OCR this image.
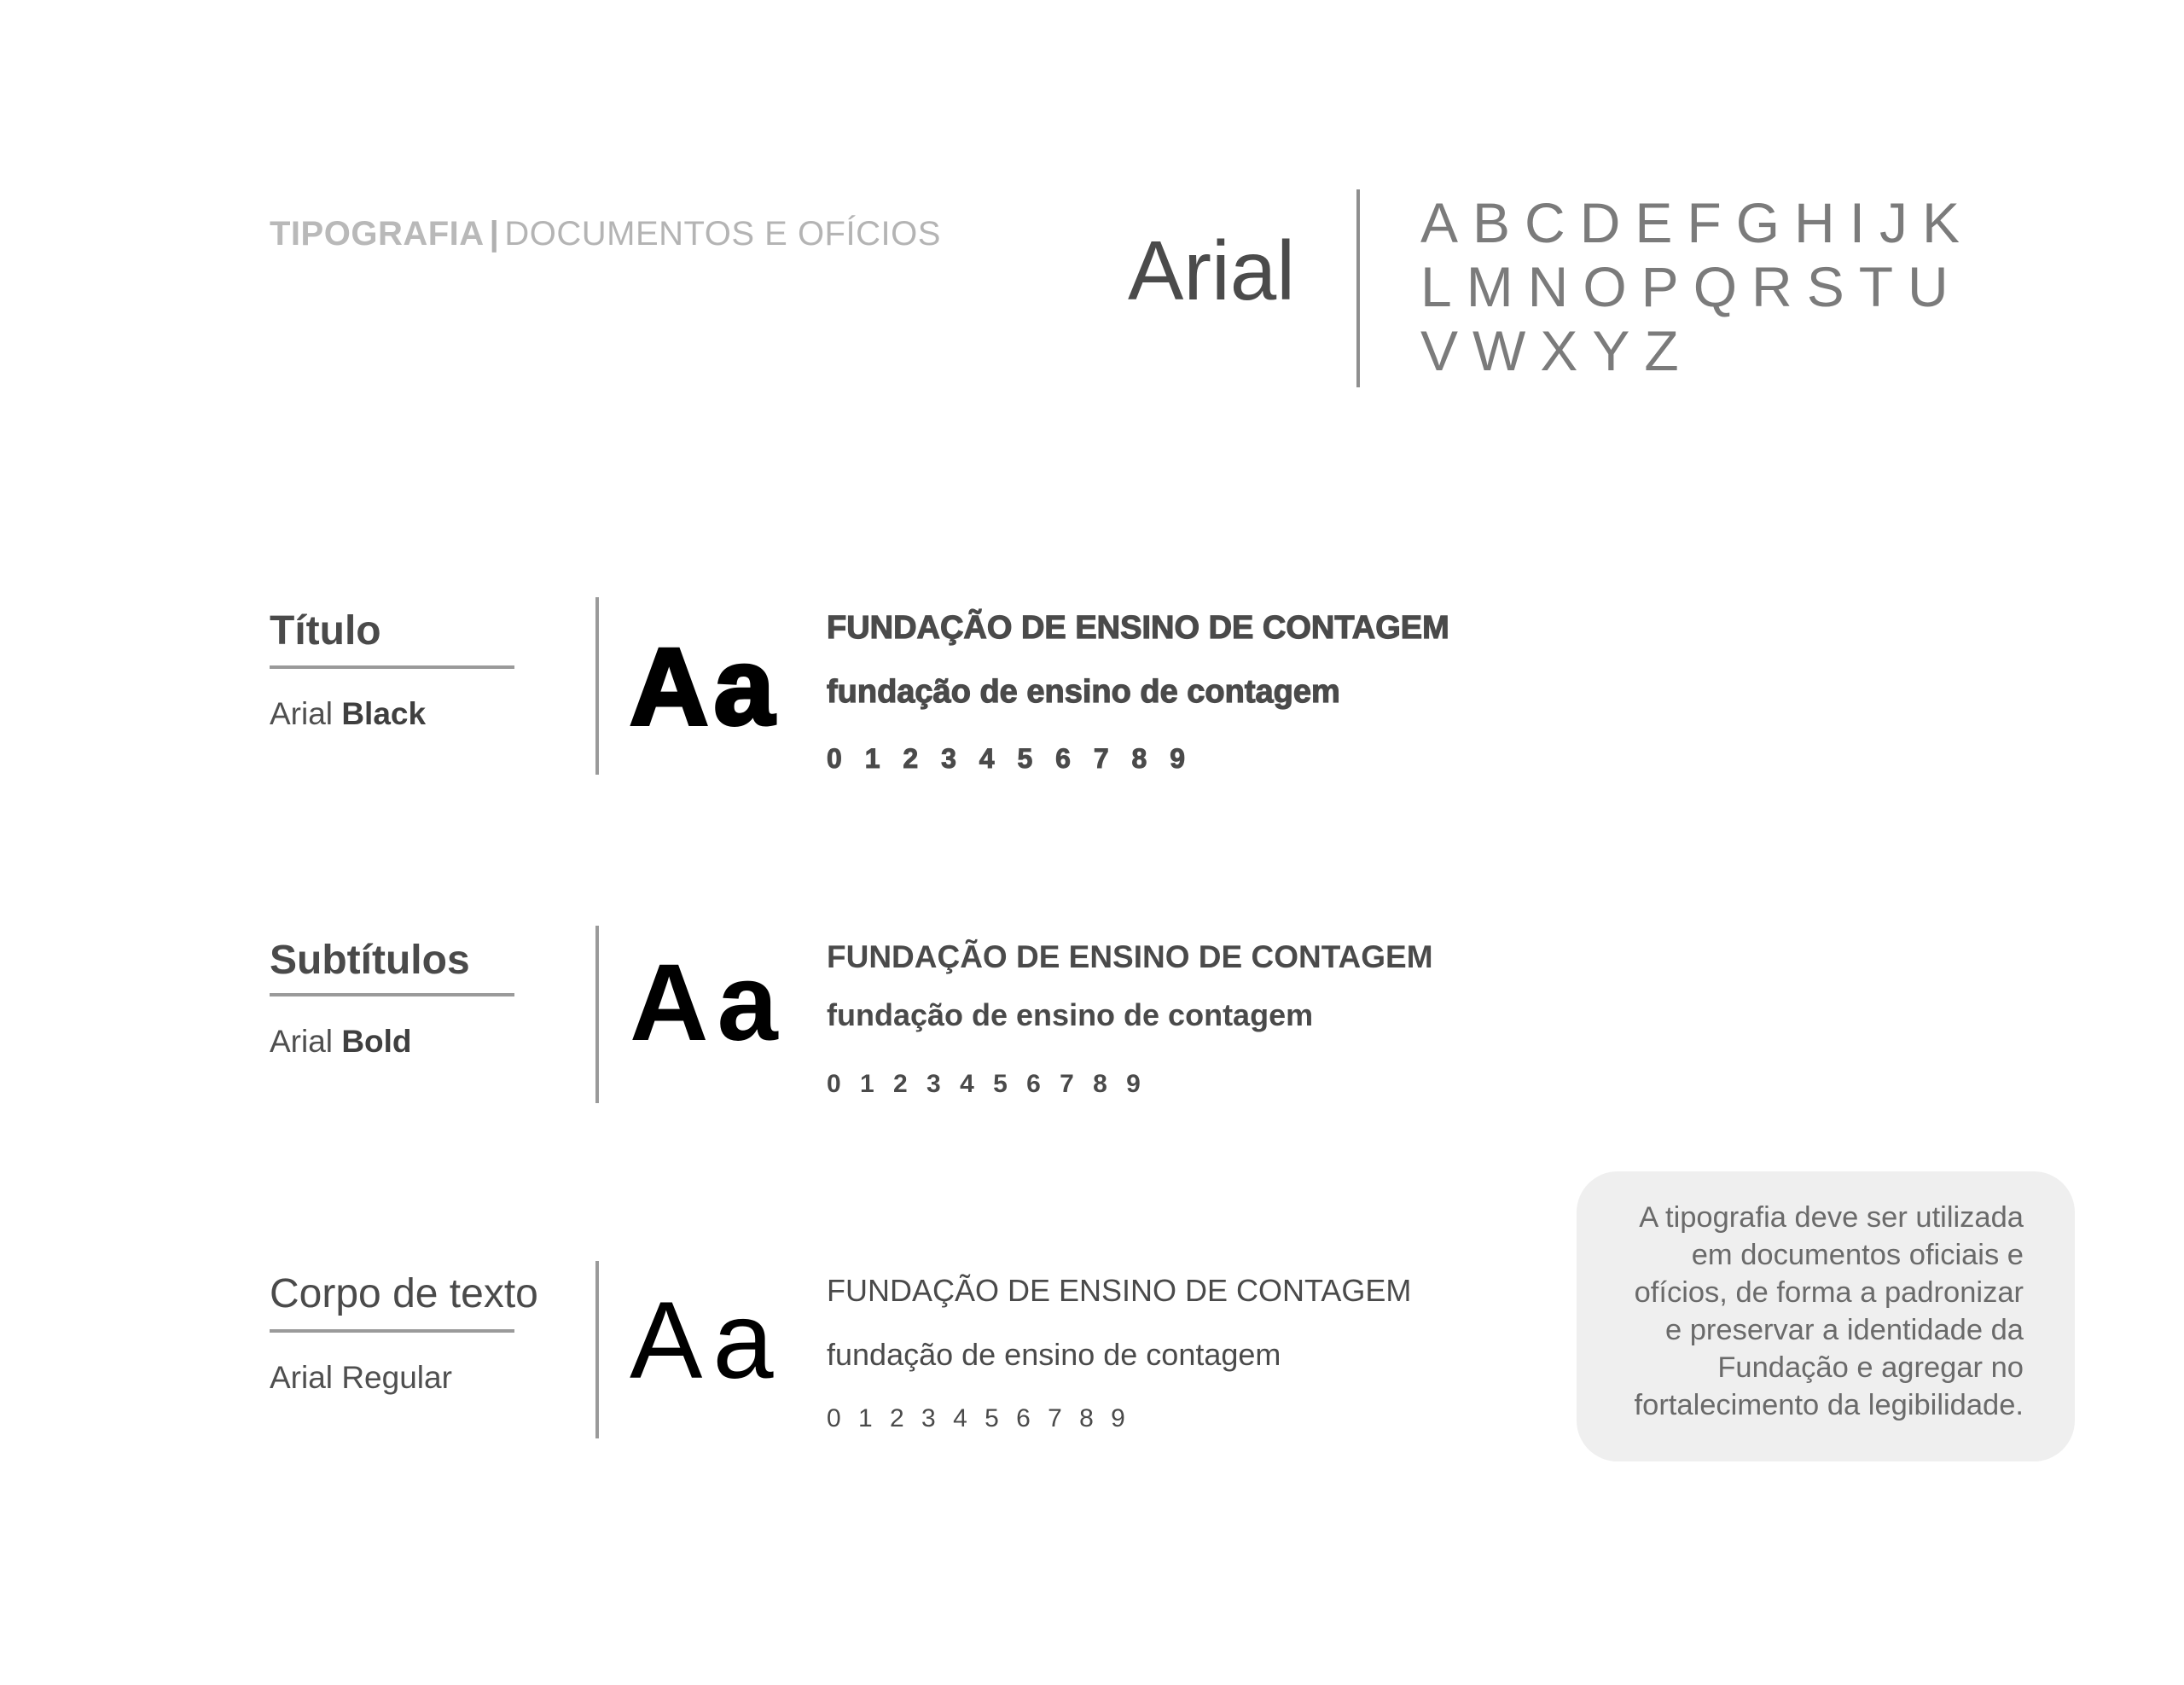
TIPOGRAFIA | DOCUMENTOS E OFÍCIOS Arial
ABCDEFGHIJK
LMNOPQRSTU
VWXYZ
Título
Arial Black Aa FUNDAÇÃO DE ENSINO DE CONTAGEM
fundação de ensino de contagem
0 1 2 3 4 5 6 7 8 9
Subtítulos
Arial Bold Aa FUNDAÇÃO DE ENSINO DE CONTAGEM
fundação de ensino de contagem
0 1 2 3 4 5 6 7 8 9
Corpo de texto
Arial Regular Aa FUNDAÇÃO DE ENSINO DE CONTAGEM
fundação de ensino de contagem
0 1 2 3 4 5 6 7 8 9
A tipografia deve ser utilizada
em documentos oficiais e
ofícios, de forma a padronizar
e preservar a identidade da
Fundação e agregar no
fortalecimento da legibilidade.
